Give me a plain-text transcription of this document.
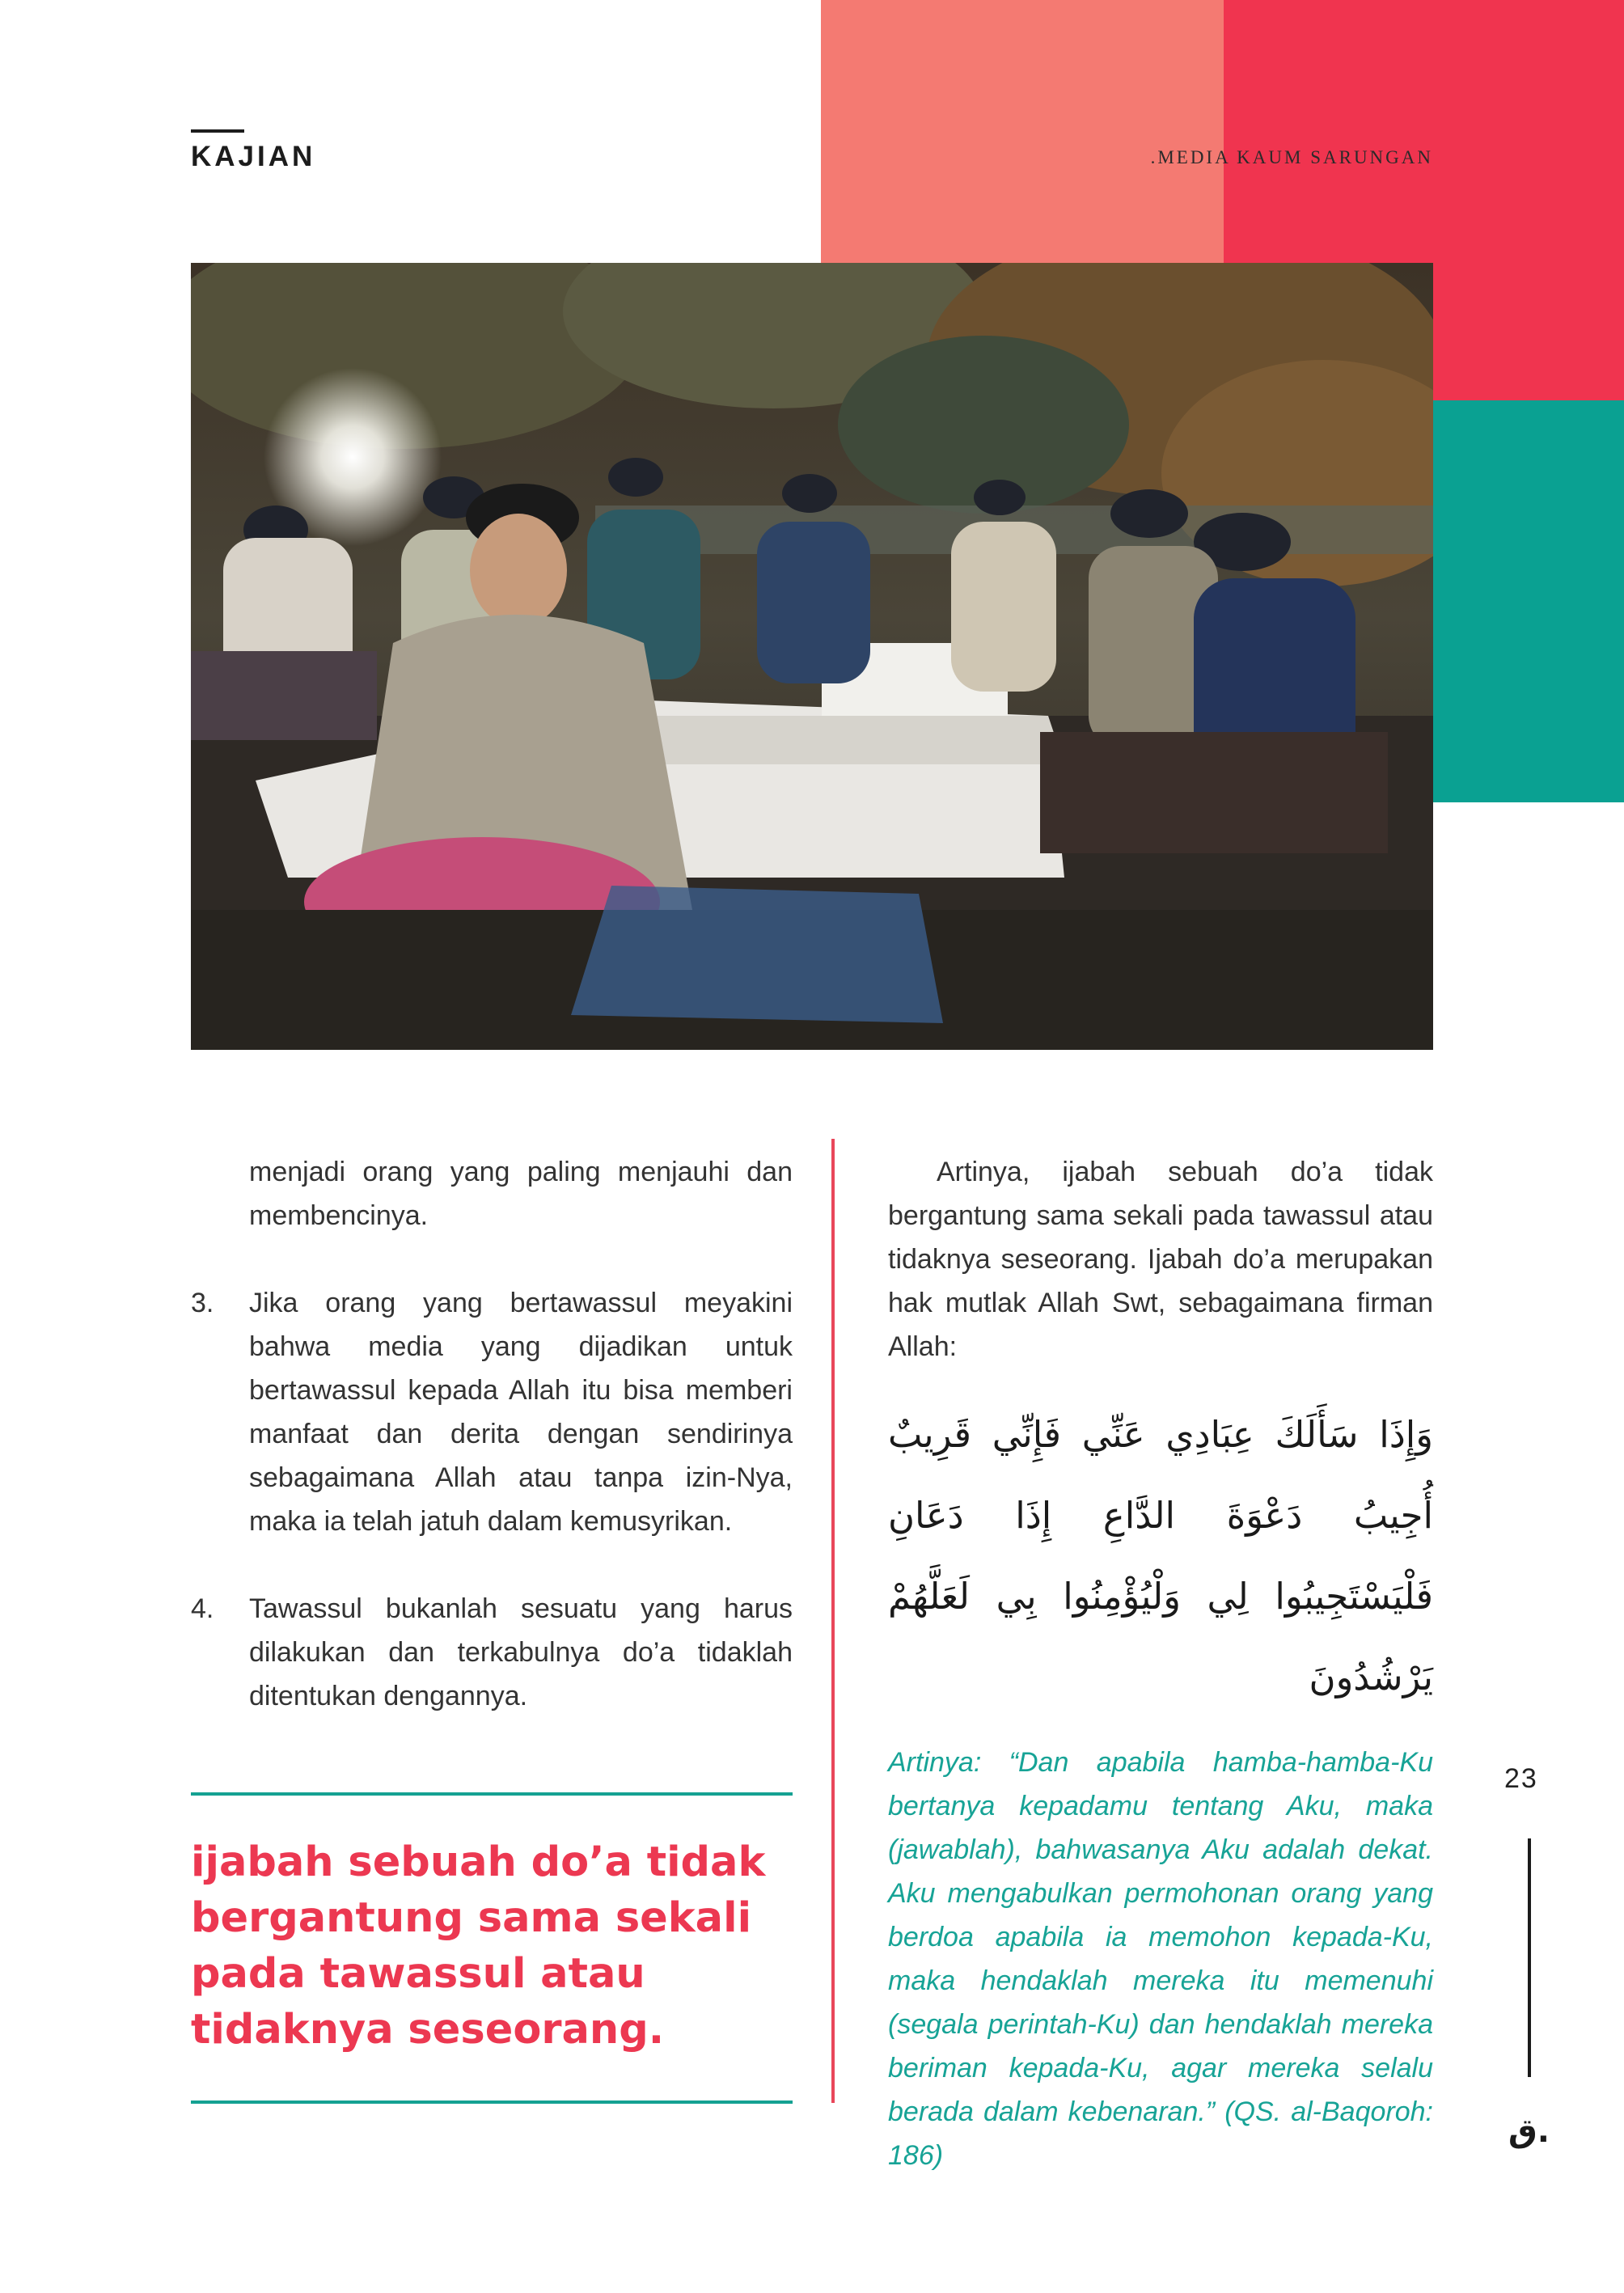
KAJIAN	.MEDIA KAUM SARUNGAN

menjadi orang yang paling menjauhi dan membencinya.

3.	Jika orang yang bertawassul meyakini bahwa media yang dijadikan untuk bertawassul kepada Allah itu bisa memberi manfaat dan derita dengan sendirinya sebagaimana Allah atau tanpa izin-Nya, maka ia telah jatuh dalam kemusyrikan.
4.	Tawassul bukanlah sesuatu yang harus dilakukan dan terkabulnya do’a tidaklah ditentukan dengannya.
ijabah sebuah do’a tidak bergantung sama sekali pada tawassul atau tidaknya seseorang.

Artinya, ijabah sebuah do’a tidak bergantung sama sekali pada tawassul atau tidaknya seseorang. Ijabah do’a merupakan hak mutlak Allah Swt, sebagaimana firman Allah:

وَإِذَا سَأَلَكَ عِبَادِي عَنِّي فَإِنِّي قَرِيبٌ أُجِيبُ دَعْوَةَ الدَّاعِ إِذَا دَعَانِ فَلْيَسْتَجِيبُوا لِي وَلْيُؤْمِنُوا بِي لَعَلَّهُمْ يَرْشُدُونَ

Artinya: “Dan apabila hamba-hamba-Ku bertanya kepadamu tentang Aku, maka (jawablah), bahwasanya Aku adalah dekat. Aku mengabulkan permohonan orang yang berdoa apabila ia memohon kepada-Ku, maka hendaklah mereka itu memenuhi (segala perintah-Ku) dan hendaklah mereka beriman kepada-Ku, agar mereka selalu berada dalam kebenaran.” (QS. al-Baqoroh: 186)

23
ق.
